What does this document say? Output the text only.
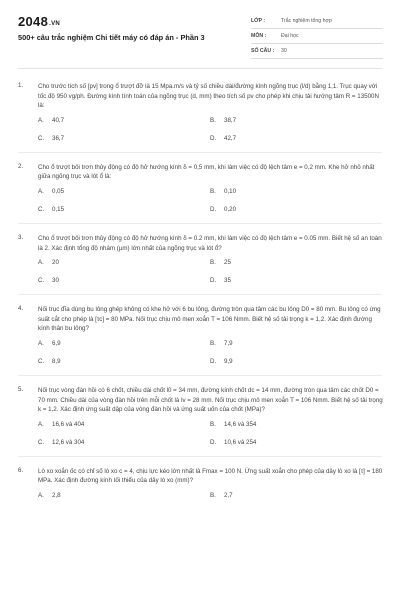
2048.VN
500+ câu trắc nghiệm Chi tiết máy có đáp án - Phần 3
LỚP :	Trắc nghiệm tổng hợp
MÔN :	Đại học
SỐ CÂU :	30
1. Cho trước tích số [pv] trong ổ trượt đỡ là 15 Mpa.m/s và tỷ số chiều dài/đường kính ngõng trục (l/d) bằng 1,1. Trục quay với tốc độ 950 vg/ph. Đường kính tính toán của ngõng trục (d, mm) theo tích số pv cho phép khi chịu tải hướng tâm R = 13500N là:
A.	40,7	B.	38,7
C.	36,7	D.	42,7
2. Cho ổ trượt bôi trơn thủy động có độ hở hướng kính δ = 0,5 mm, khi làm việc có độ lệch tâm e = 0,2 mm. Khe hở nhỏ nhất giữa ngõng trục và lót ổ là:
A.	0,05	B.	0,10
C.	0,15	D.	0,20
3. Cho ổ trượt bôi trơn thủy động có độ hở hướng kính δ = 0.2 mm, khi làm việc có độ lệch tâm e = 0.05 mm. Biết hệ số an toàn là 2. Xác định tổng độ nhám (µm) lớn nhất của ngõng trục và lót ổ?
A.	20	B.	25
C.	30	D.	35
4. Nối trục đĩa dùng bu lông ghép không có khe hở với 6 bu lông, đường tròn qua tâm các bu lông D0 = 80 mm. Bu lông có ứng suất cắt cho phép là [τc] = 80 MPa. Nối trục chịu mô men xoắn T = 106 Nmm. Biết hệ số tải trọng k = 1,2. Xác định đường kính thân bu lông?
A.	6,9	B.	7,9
C.	8,9	D.	9,9
5. Nối trục vòng đàn hồi có 6 chốt, chiều dài chốt l0 = 34 mm, đường kính chốt dc = 14 mm, đường tròn qua tâm các chốt D0 = 70 mm. Chiều dài của vòng đàn hồi trên mỗi chốt là lv = 28 mm. Nối trục chịu mô men xoắn T = 106 Nmm. Biết hệ số tải trọng k = 1,2. Xác định ứng suất dập của vòng đàn hồi và ứng suất uốn của chốt (MPa)?
A.	16,6 và 404	B.	14,6 và 354
C.	12,6 và 304	D.	10,6 và 254
6. Lò xo xoắn ốc có chỉ số lò xo c = 4, chịu lực kéo lớn nhất là Fmax = 100 N. Ứng suất xoắn cho phép của dây lò xo là [τ] = 180 MPa. Xác định đường kính tối thiểu của dây lò xo (mm)?
A.	2,8	B.	2,7
